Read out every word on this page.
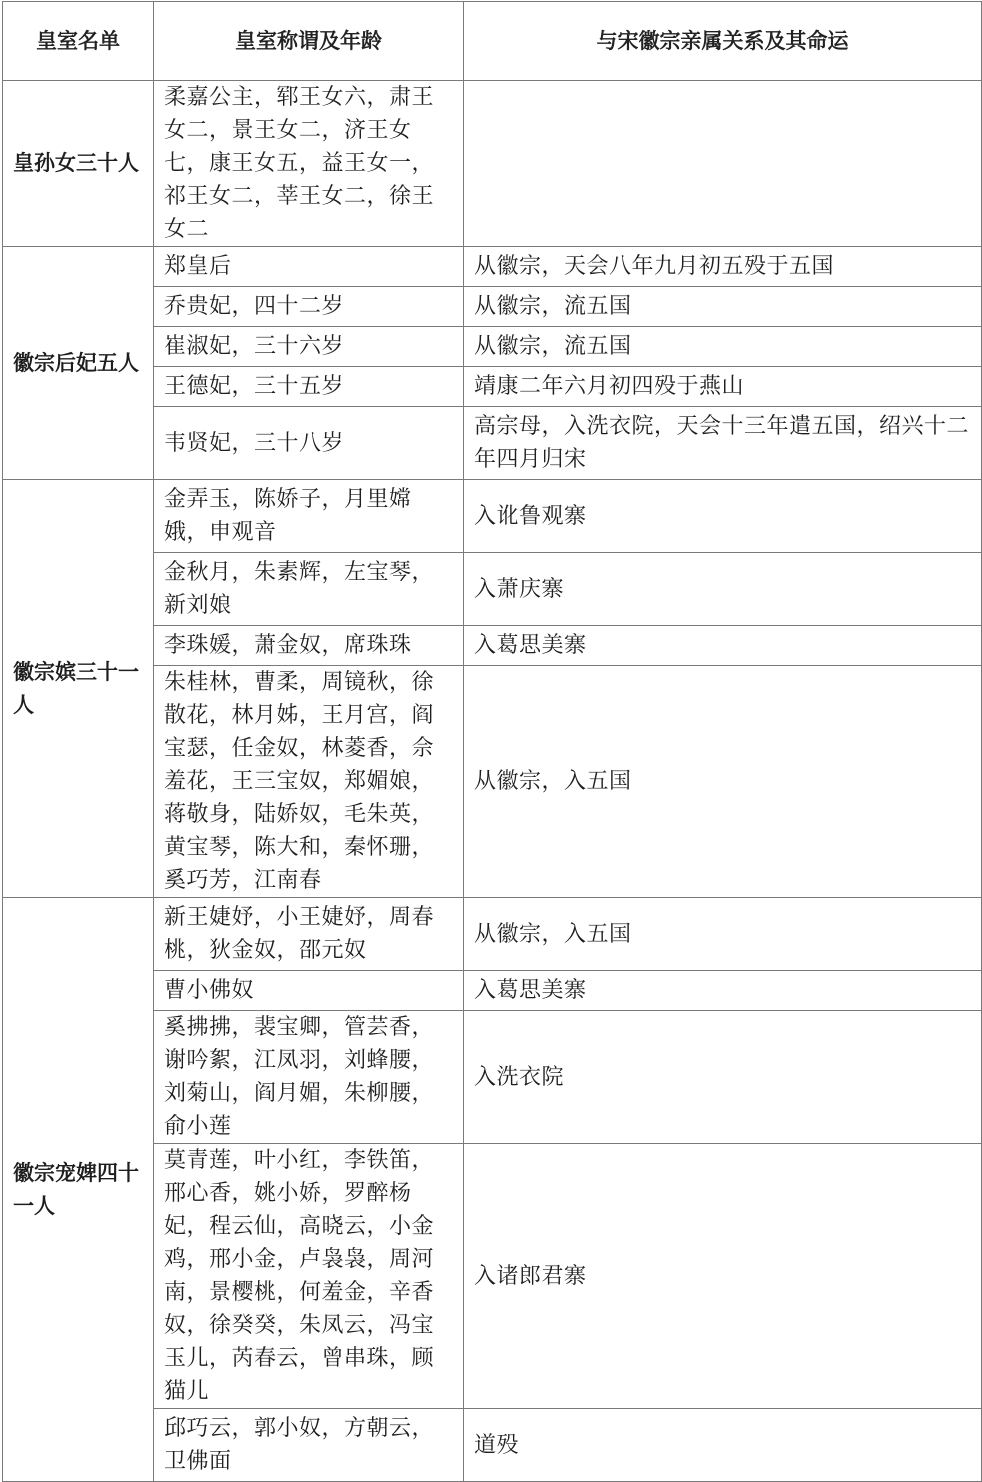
皇室名单	皇室称谓及年龄	与宋徽宗亲属关系及其命运
皇孙女三十人	柔嘉公主，郓王女六，肃王女二，景王女二，济王女七，康王女五，益王女一，祁王女二，莘王女二，徐王女二	
徽宗后妃五人	郑皇后	从徽宗，天会八年九月初五殁于五国
	乔贵妃，四十二岁	从徽宗，流五国
	崔淑妃，三十六岁	从徽宗，流五国
	王德妃，三十五岁	靖康二年六月初四殁于燕山
	韦贤妃，三十八岁	高宗母，入洗衣院，天会十三年遣五国，绍兴十二年四月归宋
徽宗嫔三十一人	金弄玉，陈娇子，月里嫦娥，申观音	入讹鲁观寨
	金秋月，朱素辉，左宝琴，新刘娘	入萧庆寨
	李珠媛，萧金奴，席珠珠	入葛思美寨
	朱桂林，曹柔，周镜秋，徐散花，林月姊，王月宫，阎宝瑟，任金奴，林菱香，佘羞花，王三宝奴，郑媚娘，蒋敬身，陆娇奴，毛朱英，黄宝琴，陈大和，秦怀珊，奚巧芳，江南春	从徽宗，入五国
徽宗宠婢四十一人	新王婕妤，小王婕妤，周春桃，狄金奴，邵元奴	从徽宗，入五国
	曹小佛奴	入葛思美寨
	奚拂拂，裴宝卿，管芸香，谢吟絮，江凤羽，刘蜂腰，刘菊山，阎月媚，朱柳腰，俞小莲	入洗衣院
	莫青莲，叶小红，李铁笛，邢心香，姚小娇，罗醉杨妃，程云仙，高晓云，小金鸡，邢小金，卢袅袅，周河南，景樱桃，何羞金，辛香奴，徐癸癸，朱凤云，冯宝玉儿，芮春云，曾串珠，顾猫儿	入诸郎君寨
	邱巧云，郭小奴，方朝云，卫佛面	道殁
